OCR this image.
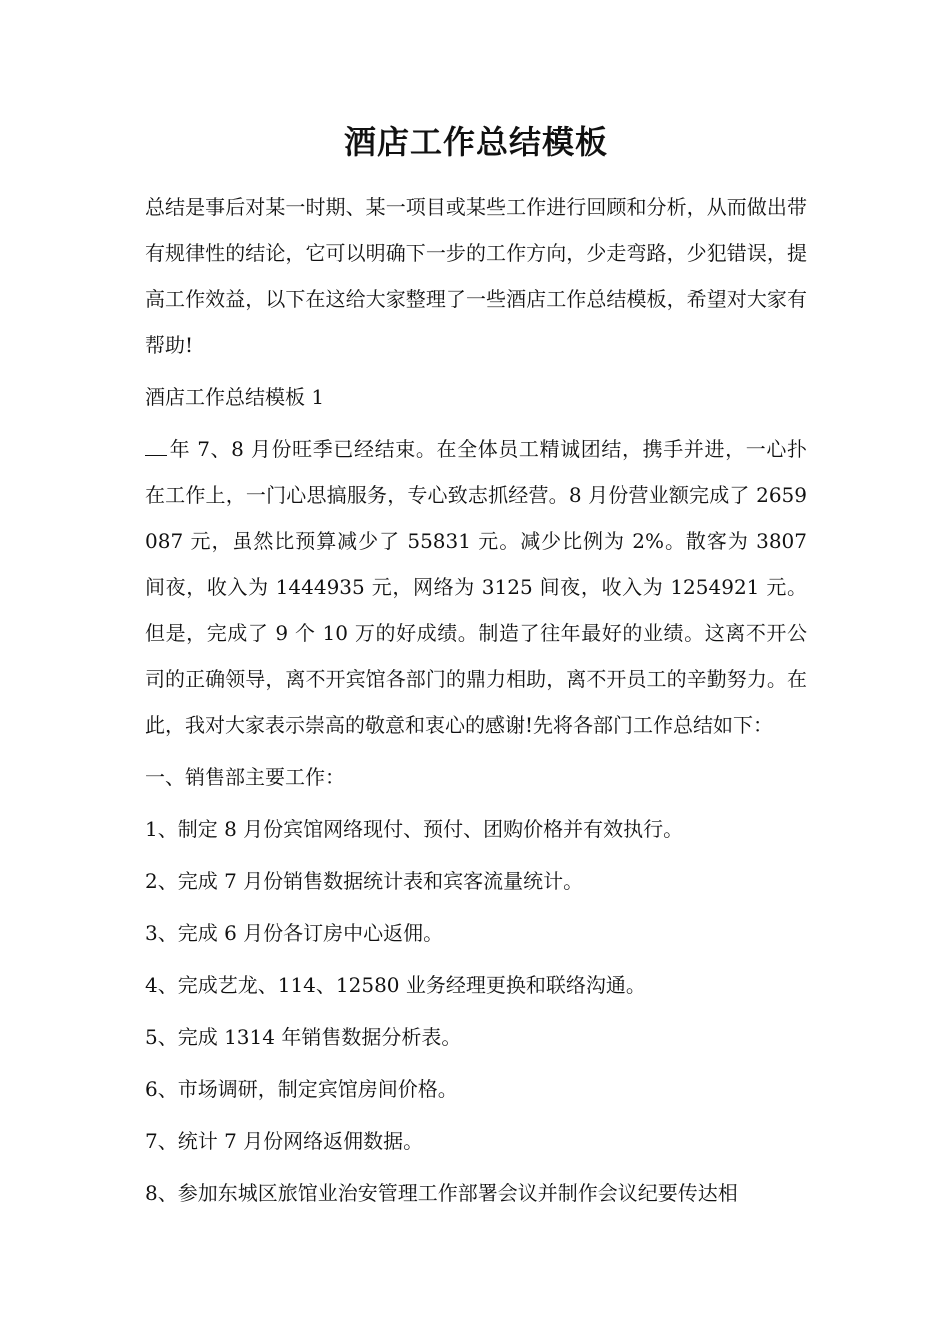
酒店工作总结模板

总结是事后对某一时期、某一项目或某些工作进行回顾和分析，从而做出带有规律性的结论，它可以明确下一步的工作方向，少走弯路，少犯错误，提高工作效益，以下在这给大家整理了一些酒店工作总结模板，希望对大家有帮助!

酒店工作总结模板 1

年 7、8 月份旺季已经结束。在全体员工精诚团结，携手并进，一心扑在工作上，一门心思搞服务，专心致志抓经营。8 月份营业额完成了 2659087 元，虽然比预算减少了 55831 元。减少比例为 2%。散客为 3807 间夜，收入为 1444935 元，网络为 3125 间夜，收入为 1254921 元。但是，完成了 9 个 10 万的好成绩。制造了往年最好的业绩。这离不开公司的正确领导，离不开宾馆各部门的鼎力相助，离不开员工的辛勤努力。在此，我对大家表示崇高的敬意和衷心的感谢!先将各部门工作总结如下：

一、销售部主要工作：

1、制定 8 月份宾馆网络现付、预付、团购价格并有效执行。

2、完成 7 月份销售数据统计表和宾客流量统计。

3、完成 6 月份各订房中心返佣。

4、完成艺龙、114、12580 业务经理更换和联络沟通。

5、完成 1314 年销售数据分析表。

6、市场调研，制定宾馆房间价格。

7、统计 7 月份网络返佣数据。

8、参加东城区旅馆业治安管理工作部署会议并制作会议纪要传达相
